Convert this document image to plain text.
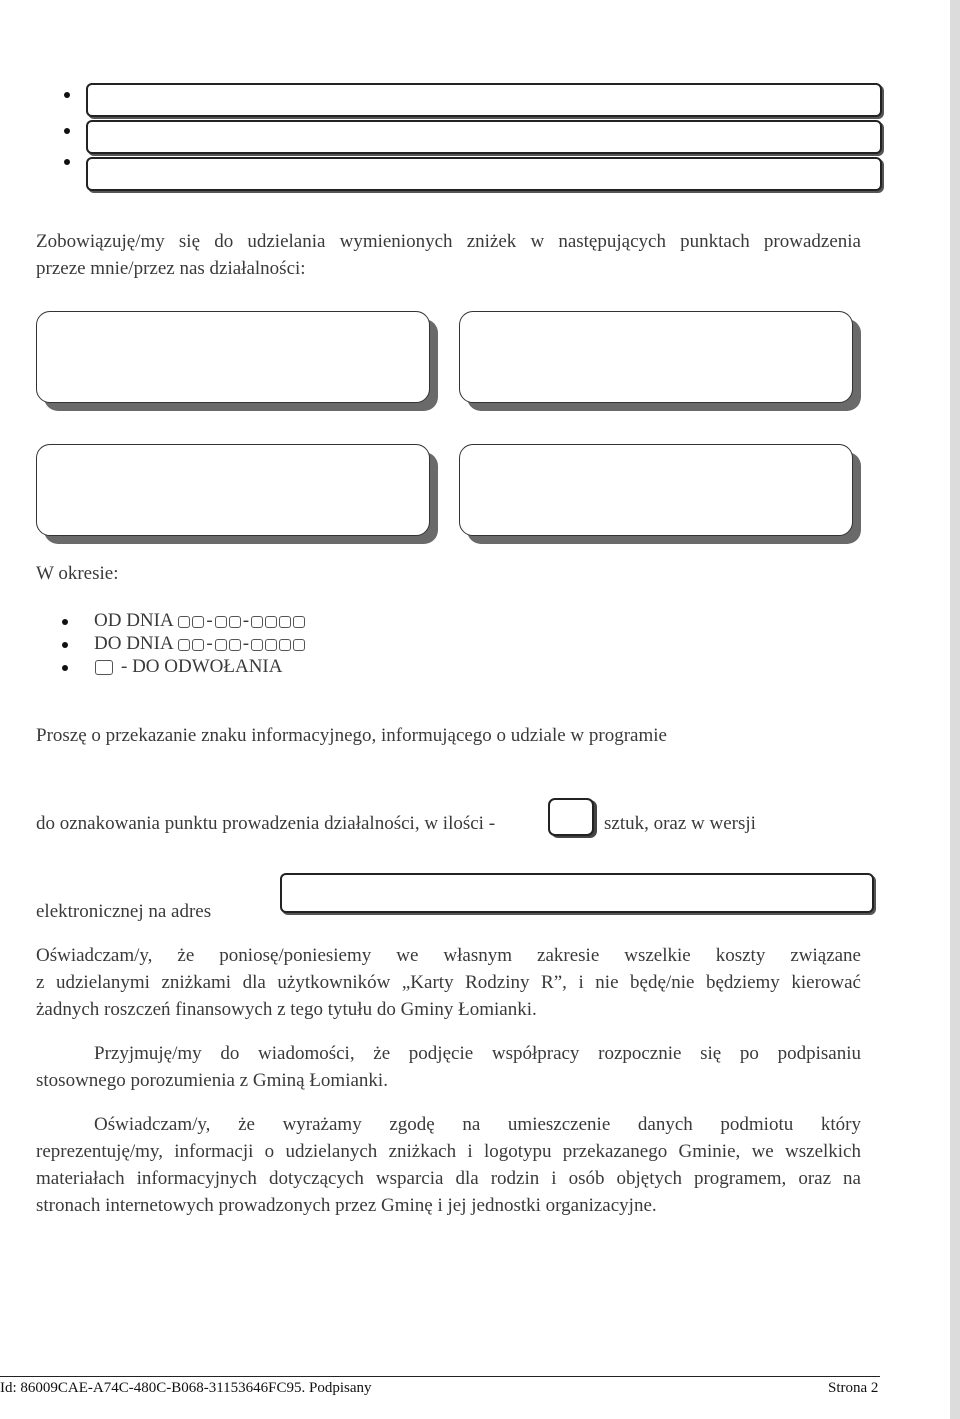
Zobowiązuję/my się do udzielania wymienionych zniżek w następujących punktach prowadzenia
przeze mnie/przez nas działalności:
W okresie:
OD DNIA - -
DO DNIA - -
- DO ODWOŁANIA
Proszę o przekazanie znaku informacyjnego, informującego o udziale w programie
do oznakowania punktu prowadzenia działalności, w ilości -	sztuk, oraz w wersji
elektronicznej na adres
Oświadczam/y, że poniosę/poniesiemy we własnym zakresie wszelkie koszty związane
z udzielanymi zniżkami dla użytkowników „Karty Rodziny R”, i nie będę/nie będziemy kierować
żadnych roszczeń finansowych z tego tytułu do Gminy Łomianki.
Przyjmuję/my do wiadomości, że podjęcie współpracy rozpocznie się po podpisaniu
stosownego porozumienia z Gminą Łomianki.
Oświadczam/y, że wyrażamy zgodę na umieszczenie danych podmiotu który
reprezentuję/my, informacji o udzielanych zniżkach i logotypu przekazanego Gminie, we wszelkich
materiałach informacyjnych dotyczących wsparcia dla rodzin i osób objętych programem, oraz na
stronach internetowych prowadzonych przez Gminę i jej jednostki organizacyjne.
Id: 86009CAE-A74C-480C-B068-31153646FC95. Podpisany	Strona 2
